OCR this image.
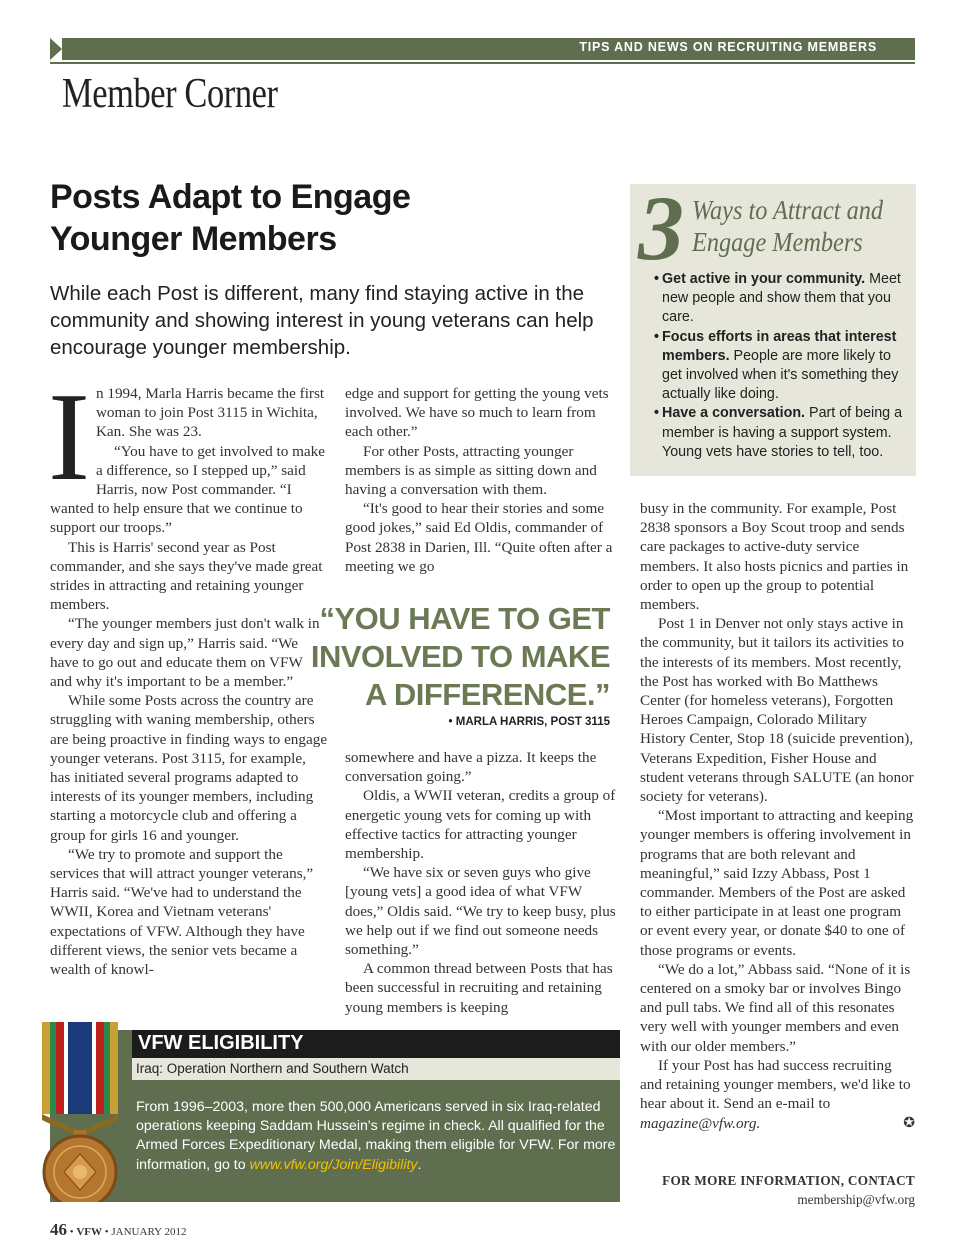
TIPS AND NEWS ON RECRUITING MEMBERS
Member Corner
Posts Adapt to Engage Younger Members
While each Post is different, many find staying active in the community and showing interest in young veterans can help encourage younger membership.
I n 1994, Marla Harris became the first woman to join Post 3115 in Wichita, Kan. She was 23.

“You have to get involved to make a difference, so I stepped up,” said Harris, now Post commander. “I wanted to help ensure that we continue to support our troops.”

This is Harris' second year as Post commander, and she says they've made great strides in attracting and retaining younger members.

“The younger members just don't walk in every day and sign up,” Harris said. “We have to go out and educate them on VFW and why it's important to be a member.”

While some Posts across the country are struggling with waning membership, others are being proactive in finding ways to engage younger veterans. Post 3115, for example, has initiated several programs adapted to interests of its younger members, including starting a motorcycle club and offering a group for girls 16 and younger.

“We try to promote and support the services that will attract younger veterans,” Harris said. “We've had to understand the WWII, Korea and Vietnam veterans' expectations of VFW. Although they have different views, the senior vets became a wealth of knowl-

edge and support for getting the young vets involved. We have so much to learn from each other.”

For other Posts, attracting younger members is as simple as sitting down and having a conversation with them.

“It's good to hear their stories and some good jokes,” said Ed Oldis, commander of Post 2838 in Darien, Ill. “Quite often after a meeting we go

“YOU HAVE TO GET INVOLVED TO MAKE A DIFFERENCE.”
• MARLA HARRIS, POST 3115

somewhere and have a pizza. It keeps the conversation going.”

Oldis, a WWII veteran, credits a group of energetic young vets for coming up with effective tactics for attracting younger membership.

“We have six or seven guys who give [young vets] a good idea of what VFW does,” Oldis said. “We try to keep busy, plus we help out if we find out someone needs something.”

A common thread between Posts that has been successful in recruiting and retaining young members is keeping

3 Ways to Attract and
Engage Members
• Get active in your community. Meet new people and show them that you care.
• Focus efforts in areas that interest members. People are more likely to get involved when it's something they actually like doing.
• Have a conversation. Part of being a member is having a support system. Young vets have stories to tell, too.

busy in the community. For example, Post 2838 sponsors a Boy Scout troop and sends care packages to active-duty service members. It also hosts picnics and parties in order to open up the group to potential members.

Post 1 in Denver not only stays active in the community, but it tailors its activities to the interests of its members. Most recently, the Post has worked with Bo Matthews Center (for homeless veterans), Forgotten Heroes Campaign, Colorado Military History Center, Stop 18 (suicide prevention), Veterans Expedition, Fisher House and student veterans through SALUTE (an honor society for veterans).

“Most important to attracting and keeping younger members is offering involvement in programs that are both relevant and meaningful,” said Izzy Abbass, Post 1 commander. Members of the Post are asked to either participate in at least one program or event every year, or donate $40 to one of those programs or events.

“We do a lot,” Abbass said. “None of it is centered on a smoky bar or involves Bingo and pull tabs. We find all of this resonates very well with younger members and even with our older members.”

If your Post has had success recruiting and retaining younger members, we'd like to hear about it. Send an e-mail to magazine@vfw.org.	✪

FOR MORE INFORMATION, CONTACT
membership@vfw.org
VFW ELIGIBILITY
Iraq: Operation Northern and Southern Watch
From 1996–2003, more then 500,000 Americans served in six Iraq-related operations keeping Saddam Hussein's regime in check. All qualified for the Armed Forces Expeditionary Medal, making them eligible for VFW. For more information, go to www.vfw.org/Join/Eligibility.
46 • VFW • JANUARY 2012
